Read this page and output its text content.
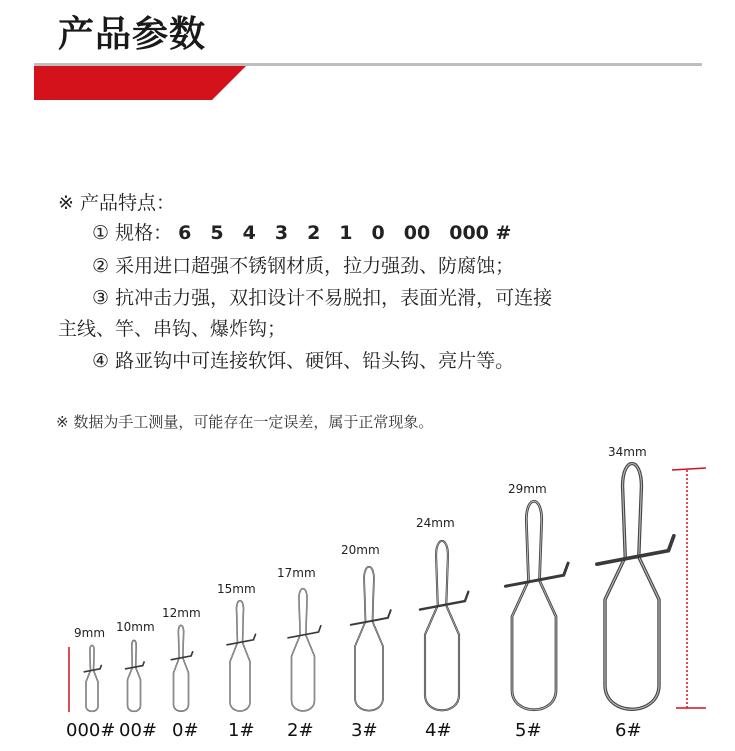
产品参数
※ 产品特点：
① 规格： 6 5 4 3 2 1 0 00 000 #
② 采用进口超强不锈钢材质，拉力强劲、防腐蚀；
③ 抗冲击力强，双扣设计不易脱扣，表面光滑，可连接
主线、竿、串钩、爆炸钩；
④ 路亚钩中可连接软饵、硬饵、铅头钩、亮片等。
※ 数据为手工测量，可能存在一定误差，属于正常现象。
9mm 10mm
12mm
15mm
17mm
20mm
24mm
29mm
34mm
000# 00# 0# 1# 2# 3#	4#	5#	6#
